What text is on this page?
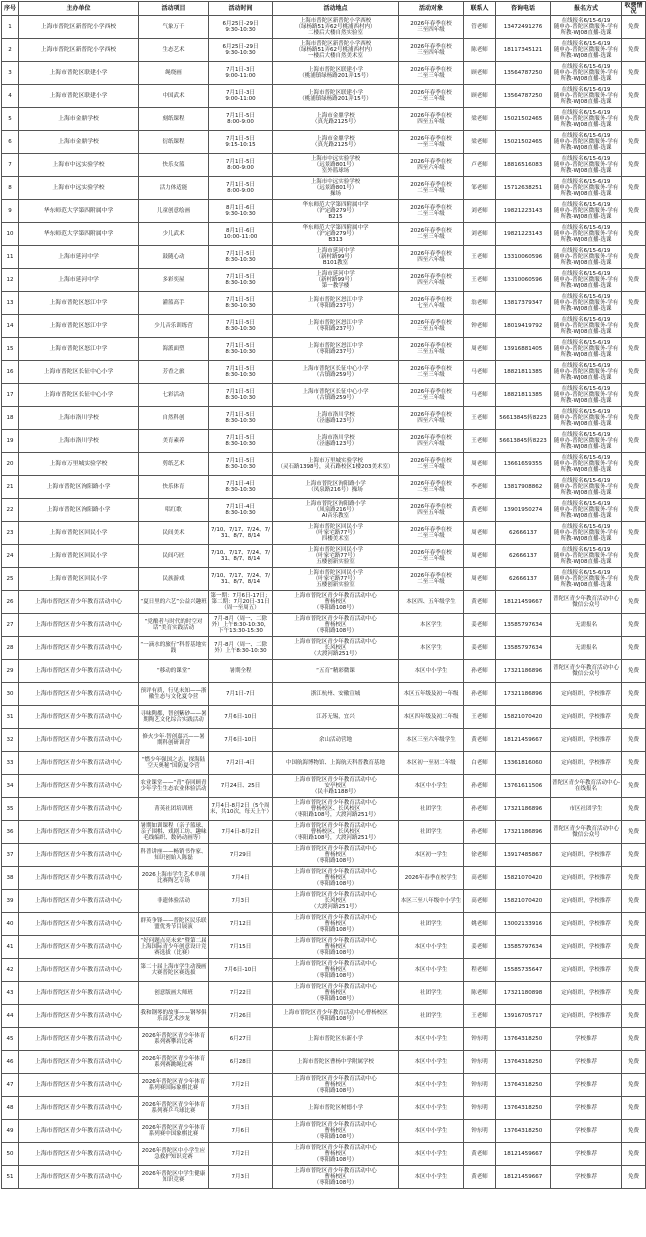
序号	主办单位	活动项目	活动时间	活动地点	活动对象	联系人	咨询电话	报名方式	收费情况
1	上海市普陀区新普陀小学西校	气象万千	6月25日-29日
9:30-10:30	上海市普陀区新普陀小学西校
（绿杨路51弄62号桃浦西村内）
二楼后大楼自然实验室	2026年春季在校
三至四年级	管老师	13472491276	在线报名6/15-6/19
随申办-普陀区微服务-学有所教-WJ08直播-选课	免费
2	上海市普陀区新普陀小学西校	生态艺术	6月25日-29日
9:30-10:30	上海市普陀区新普陀小学西校
（绿杨路51弄62号桃浦西村内）
一楼后大楼自然美术室	2026年春季在校
三至四年级	陈老师	18117345121	在线报名6/15-6/19
随申办-普陀区微服务-学有所教-WJ08直播-选课	免费
3	上海市普陀区联建小学	绳绕画	7月1日-3日
9:00-11:00	上海市普陀区联建小学
（桃浦镇绿杨路201弄15号）	2026年春季在校
二至三年级	顾老师	13564787250	在线报名6/15-6/19
随申办-普陀区微服务-学有所教-WJ08直播-选课	免费
4	上海市普陀区联建小学	中国武术	7月1日-3日
9:00-11:00	上海市普陀区联建小学
（桃浦镇绿杨路201弄15号）	2026年春季在校
二至三年级	顾老师	13564787250	在线报名6/15-6/19
随申办-普陀区微服务-学有所教-WJ08直播-选课	免费
5	上海市金鼎学校	刻纸课程	7月1日-5日
8:00-9:00	上海市金鼎学校
（真光路2125号）	2026年春季在校
四至五年级	梁老师	15021502465	在线报名6/15-6/19
随申办-普陀区微服务-学有所教-WJ08直播-选课	免费
6	上海市金鼎学校	衍纸课程	7月1日-5日
9:15-10:15	上海市金鼎学校
（真光路2125号）	2026年春季在校
一至三年级	梁老师	15021502465	在线报名6/15-6/19
随申办-普陀区微服务-学有所教-WJ08直播-选课	免费
7	上海市中远实验学校	快乐女篮	7月1日-5日
8:00-9:00	上海市中远实验学校
（远景路801号）
室外篮球场	2026年春季在校
四至六年级	卢老师	18816516083	在线报名6/15-6/19
随申办-普陀区微服务-学有所教-WJ08直播-选课	免费
8	上海市中远实验学校	活力体适能	7月1日-5日
8:00-9:00	上海市中远实验学校
（远景路801号）
操场	2026年春季在校
二至三年级	邹老师	15712638251	在线报名6/15-6/19
随申办-普陀区微服务-学有所教-WJ08直播-选课	免费
9	华东师范大学第四附属中学	儿童创意绘画	8月1日-6日
9:30-10:30	华东师范大学第四附属中学
（沪定路279号）
B215	2026年春季在校
二至三年级	刘老师	19821223143	在线报名6/15-6/19
随申办-普陀区微服务-学有所教-WJ08直播-选课	免费
10	华东师范大学第四附属中学	少儿武术	8月1日-6日
10:00-11:00	华东师范大学第四附属中学
（沪定路279号）
B313	2026年春季在校
二至三年级	刘老师	19821223143	在线报名6/15-6/19
随申办-普陀区微服务-学有所教-WJ08直播-选课	免费
11	上海市延河中学	鼓随心动	7月1日-5日
8:30-10:30	上海市延河中学
（新村路99号）
B101教室	2026年春季在校
四至六年级	王老师	13310060596	在线报名6/15-6/19
随申办-普陀区微服务-学有所教-WJ08直播-选课	免费
12	上海市延河中学	多彩奕屋	7月1日-5日
8:30-10:30	上海市延河中学
（新村路99号）
第一教学楼	2026年春季在校
四至六年级	王老师	13310060596	在线报名6/15-6/19
随申办-普陀区微服务-学有所教-WJ08直播-选课	免费
13	上海市普陀区怒江中学	灌篮高手	7月1日-5日
8:30-10:30	上海市普陀区怒江中学
（枣阳路237号）	2026年春季在校
七至八年级	翁老师	13817379347	在线报名6/15-6/19
随申办-普陀区微服务-学有所教-WJ08直播-选课	免费
14	上海市普陀区怒江中学	少儿音乐训练营	7月1日-5日
8:30-10:30	上海市普陀区怒江中学
（枣阳路237号）	2026年春季在校
三至五年级	钟老师	18019419792	在线报名6/15-6/19
随申办-普陀区微服务-学有所教-WJ08直播-选课	免费
15	上海市普陀区怒江中学	海派面塑	7月1日-5日
8:30-10:30	上海市普陀区怒江中学
（枣阳路237号）	2026年春季在校
三至五年级	周老师	13916881405	在线报名6/15-6/19
随申办-普陀区微服务-学有所教-WJ08直播-选课	免费
16	上海市普陀区长征中心小学	芳香之旅	7月1日-5日
8:30-10:30	上海市普陀区长征中心小学
（古镇路259号）	2026年春季在校
二至三年级	马老师	18821811385	在线报名6/15-6/19
随申办-普陀区微服务-学有所教-WJ08直播-选课	免费
17	上海市普陀区长征中心小学	七彩活动	7月1日-5日
8:30-10:30	上海市普陀区长征中心小学
（古镇路259号）	2026年春季在校
二至三年级	马老师	18821811385	在线报名6/15-6/19
随申办-普陀区微服务-学有所教-WJ08直播-选课	免费
18	上海市洛川学校	自然科创	7月1日-5日
8:30-10:30	上海市洛川学校
（泾惠路123号）	2026年春季在校
四至六年级	王老师	56613845转8223	在线报名6/15-6/19
随申办-普陀区微服务-学有所教-WJ08直播-选课	免费
19	上海市洛川学校	美育素养	7月1日-5日
8:30-10:30	上海市洛川学校
（泾惠路123号）	2026年春季在校
四至六年级	王老师	56613845转8223	在线报名6/15-6/19
随申办-普陀区微服务-学有所教-WJ08直播-选课	免费
20	上海市万里城实验学校	剪纸艺术	7月1日-5日
8:30-10:30	上海市万里城实验学校
（灵石路1398号，灵石路校区1楼203美术室）	2026年春季在校
二至三年级	周老师	13661659355	在线报名6/15-6/19
随申办-普陀区微服务-学有所教-WJ08直播-选课	免费
21	上海市普陀区洵阳路小学	快乐体育	7月1日-4日
8:30-10:30	上海市普陀区洵阳路小学
（凤泉路216号）操场	2026年春季在校
二至三年级	李老师	13817908862	在线报名6/15-6/19
随申办-普陀区微服务-学有所教-WJ08直播-选课	免费
22	上海市普陀区洵阳路小学	唱红歌	7月1日-4日
8:30-10:30	上海市普陀区洵阳路小学
（凤泉路216号）
AI音乐教室	2026年春季在校
四至五年级	黄老师	13901950274	在线报名6/15-6/19
随申办-普陀区微服务-学有所教-WJ08直播-选课	免费
23	上海市普陀区回民小学	民间美术	7/10、7/17、7/24、7/31、8/7、8/14	上海市普陀区回民小学
（叶家宅路77号）
四楼美术室	2026年春季在校
二至三年级	周老师	62666137	在线报名6/15-6/19
随申办-普陀区微服务-学有所教-WJ08直播-选课	免费
24	上海市普陀区回民小学	民间巧匠	7/10、7/17、7/24、7/31、8/7、8/14	上海市普陀区回民小学
（叶家宅路77号）
五楼创新实验室	2026年春季在校
二至三年级	周老师	62666137	在线报名6/15-6/19
随申办-普陀区微服务-学有所教-WJ08直播-选课	免费
25	上海市普陀区回民小学	民族游戏	7/10、7/17、7/24、7/31、8/7、8/14	上海市普陀区回民小学
（叶家宅路77号）
五楼创新实验室	2026年春季在校
二至三年级	周老师	62666137	在线报名6/15-6/19
随申办-普陀区微服务-学有所教-WJ08直播-选课	免费
26	上海市普陀区青少年教育活动中心	“夏日里的六艺”公益兴趣班	第一期：7月6日-17日；第二期：7月20日-31日（周一至周五）	上海市普陀区青少年教育活动中心
曹杨校区
（枣阳路108号）	本区四、五年级学生	黄老师	18121459667	普陀区青少年教育活动中心微信公众号	免费
27	上海市普陀区青少年教育活动中心	“党酿者与时代的时空对话”美育实践活动	7月-8月（周一、二除外）上午8:30-10:30，下午13:30-15:30	上海市普陀区青少年教育活动中心
曹杨校区
（枣阳路108号）	本区学生	姜老师	13585797634	无需报名	免费
28	上海市普陀区青少年教育活动中心	“一滴水的旅行”科普基地实践	7月-8月（周一、二除外）上午8:30-10:30	上海市普陀区青少年教育活动中心
长风校区
（大渡河路251号）	本区学生	姜老师	13585797634	无需报名	免费
29	上海市普陀区青少年教育活动中心	“移动的课堂”	暑期全程	“五育”精彩微课	本区中小学生	孙老师	17321186896	普陀区青少年教育活动中心微信公众号	免费
30	上海市普陀区青少年教育活动中心	预评有质，行见未知——浙徽生态与文化夏令营	7月1日-7日	浙江杭州、安徽宣城	本区五年级及初一年级	孙老师	17321186896	定向组织，学校推荐	免费
31	上海市普陀区青少年教育活动中心	寻味陶都，智创紫砂——暑期陶艺文化综合实践活动	7月6日-10日	江苏无锡，宜兴	本区四年级及初二年级	王老师	15821070420	定向组织，学校推荐	免费
32	上海市普陀区青少年教育活动中心	修火少年·智创嘉兴——暑期科创研训营	7月6日-10日	余山活动营地	本区三至六年级学生	黄老师	18121459667	定向组织，学校推荐	免费
33	上海市普陀区青少年教育活动中心	“燃少年强国之志，探海陆空天奥秘”国防夏令营	7月2日-4日	中国航海博物馆、上海航天科普教育基地	本区初一至初二年级	白老师	13361816060	定向组织，学校推荐	免费
34	上海市普陀区青少年教育活动中心	农业课堂——“青”春回顾青少年学生生态农业体验活动	7月24日、25日	上海市普陀区青少年教育活动中心
安亭校区
（民丰路1188号）	本区中小学生	孙老师	13761611506	普陀区青少年教育活动中心-在线报名	免费
35	上海市普陀区青少年教育活动中心	菁英社团培训班	7月4日-8月2日（5个周末，共10次，每天上午）	上海市普陀区青少年教育活动中心
曹杨校区、长风校区
（枣阳路108号，大渡河路251号）	社团学生	孙老师	17321186896	市区社团学生	免费
36	上海市普陀区青少年教育活动中心	暑期如训课程（亲子篮球、亲子围棋、戏剧工坊、趣味毛线编织、数码动画等）	7月4日-8月2日	上海市普陀区青少年教育活动中心
曹杨校区、长风校区
（枣阳路108号，大渡河路251号）	社团学生	孙老师	17321186896	普陀区青少年教育活动中心微信公众号	免费
37	上海市普陀区青少年教育活动中心	科普讲座——畅销书作家、知识创始人陈磊	7月29日	上海市普陀区青少年教育活动中心
曹杨校区
（枣阳路108号）	本区初一学生	徐老师	13917485867	定向组织，学校推荐	免费
38	上海市普陀区青少年教育活动中心	2026上海市学生艺术单项比赛陶艺专场	7月4日	上海市普陀区青少年教育活动中心
曹杨校区
（枣阳路108号）	2026年春季在校学生	高老师	15821070420	定向组织，学校推荐	免费
39	上海市普陀区青少年教育活动中心	非遗体验活动	7月3日	上海市普陀区青少年教育活动中心
长风校区
（大渡河路251号）	本区三至八年级中小学生	高老师	15821070420	定向组织，学校推荐	免费
40	上海市普陀区青少年教育活动中心	群英争锋——普陀区民乐联盟优秀节目展演	7月12日	上海市普陀区青少年教育活动中心
曹杨校区
（枣阳路108号）	社团学生	姚老师	13002133916	定向组织，学校推荐	免费
41	上海市普陀区青少年教育活动中心	“好问题点亮未来”暨第二届上海国际青少年创意设计竞赛选拔（比赛）	7月15日	上海市普陀区青少年教育活动中心
曹杨校区
（枣阳路108号）	本区中小学生	姜老师	13585797634	定向组织，学校推荐	免费
42	上海市普陀区青少年教育活动中心	第二十届上海市学生动漫画大赛普陀区赛选拔	7月6日-10日	上海市普陀区青少年教育活动中心
曹杨校区
（枣阳路108号）	本区中小学生	程老师	15585735647	定向组织，学校推荐	免费
43	上海市普陀区青少年教育活动中心	创意版画大师班	7月22日	上海市普陀区青少年教育活动中心
曹杨校区
（枣阳路108号）	社团学生	陈老师	17321180898	定向组织，学校推荐	免费
44	上海市普陀区青少年教育活动中心	我和钢琴的故事——钢琴俱乐部艺术沙龙	7月26日	上海市普陀区青少年教育活动中心曹杨校区
（枣阳路108号）	社团学生	王老师	13916705717	定向组织，学校推荐	免费
45	上海市普陀区青少年教育活动中心	2026年普陀区青少年体育系列赛攀岩比赛	6月27日	上海市普陀区东新小学	本区中小学生	钟东明	13764318250	学校推荐	免费
46	上海市普陀区青少年教育活动中心	2026年普陀区青少年体育系列赛跳绳比赛	6月28日	上海市普陀区曹杨中学附属学校	本区中小学生	钟东明	13764318250	学校推荐	免费
47	上海市普陀区青少年教育活动中心	2026年普陀区青少年体育系列赛国际象棋比赛	7月2日	上海市普陀区青少年教育活动中心
曹杨校区
（枣阳路108号）	本区中小学生	钟东明	13764318250	学校推荐	免费
48	上海市普陀区青少年教育活动中心	2026年普陀区青少年体育系列赛乒乓球比赛	7月3日	上海市普陀区树德小学	本区中小学生	钟东明	13764318250	学校推荐	免费
49	上海市普陀区青少年教育活动中心	2026年普陀区青少年体育系列赛中国象棋比赛	7月6日	上海市普陀区青少年教育活动中心
曹杨校区
（枣阳路108号）	本区中小学生	钟东明	13764318250	学校推荐	免费
50	上海市普陀区青少年教育活动中心	2026年普陀区中小学生应急救护知识竞赛	7月2日	上海市普陀区青少年教育活动中心
曹杨校区
（枣阳路108号）	本区中小学生	黄老师	18121459667	学校推荐	免费
51	上海市普陀区青少年教育活动中心	2026年普陀区中学生健康知识竞赛	7月3日	上海市普陀区青少年教育活动中心
曹杨校区
（枣阳路108号）	本区中小学生	黄老师	18121459667	学校推荐	免费
